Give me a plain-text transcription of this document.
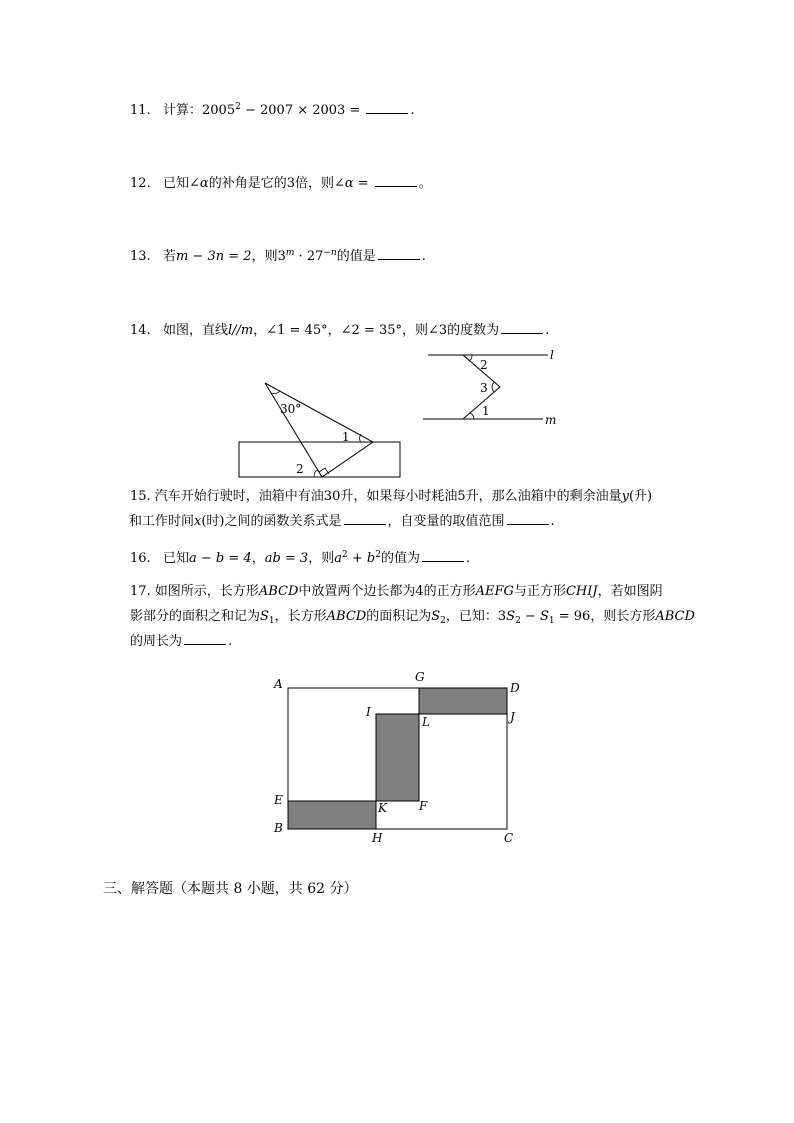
11. 计算：$2005^2 - 2007 \times 2003$ =	.
12. 已知∠α的补角是它的3倍，则∠α =	。
13. 若m − 3n = 2，则$3^m \cdot 27^{-n}$的值是	.
14. 如图，直线l//m，∠1 = 45°，∠2 = 35°，则∠3的度数为	.
30°
1
2
l
m
2
3
1
15. 汽车开始行驶时，油箱中有油30升，如果每小时耗油5升，那么油箱中的剩余油量y(升)
和工作时间x(时)之间的函数关系式是	，自变量的取值范围	.
16. 已知a − b = 4，ab = 3，则$a^2 + b^2$的值为	.
17. 如图所示，长方形ABCD中放置两个边长都为4的正方形AEFG与正方形CHIJ，若如图阴
影部分的面积之和记为$S_1$，长方形ABCD的面积记为$S_2$，已知：$3S_2 - S_1 = 96$，则长方形ABCD
的周长为	.
A	G
D
I
L	J
E
K	F
B
H	C
三、解答题（本题共 8 小题，共 62 分）
